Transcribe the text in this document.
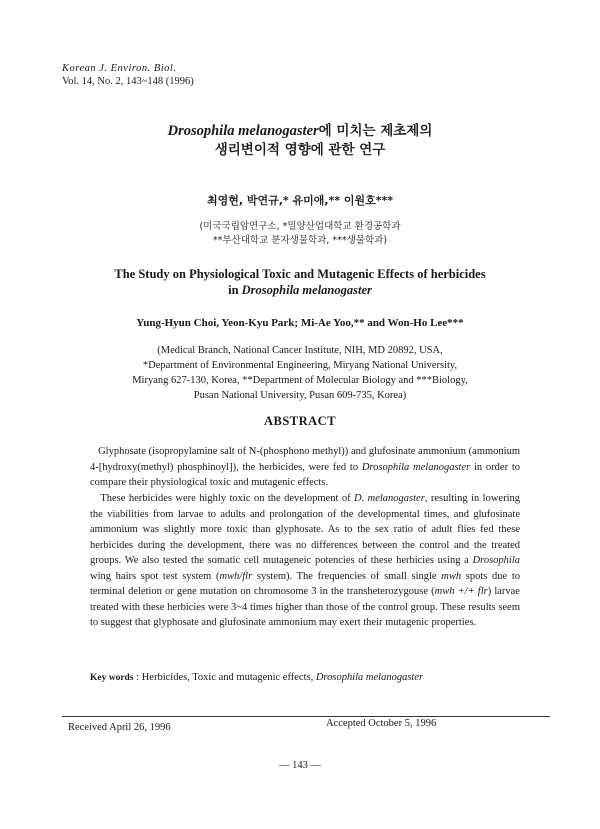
Korean J. Environ. Biol.
Vol. 14, No. 2, 143~148 (1996)
Drosophila melanogaster에 미치는 제초제의
생리변이적 영향에 관한 연구
최영현, 박연규,* 유미애,** 이원호***
(미국국립암연구소, *밀양산업대학교 환경공학과
**부산대학교 분자생물학과, ***생물학과)
The Study on Physiological Toxic and Mutagenic Effects of herbicides
in Drosophila melanogaster
Yung-Hyun Choi, Yeon-Kyu Park; Mi-Ae Yoo,** and Won-Ho Lee***
(Medical Branch, National Cancer Institute, NIH, MD 20892, USA,
*Department of Environmental Engineering, Miryang National University,
Miryang 627-130, Korea, **Department of Molecular Biology and ***Biology,
Pusan National University, Pusan 609-735, Korea)
ABSTRACT

Glyphosate (isopropylamine salt of N-(phosphono methyl)) and glufosinate ammonium (ammonium 4-[hydroxy(methyl) phosphinoyl]), the herbicides, were fed to Drosophila melanogaster in order to compare their physiological toxic and mutagenic effects.

These herbicides were highly toxic on the development of D. melanogaster, resulting in lowering the viabilities from larvae to adults and prolongation of the developmental times, and glufosinate ammonium was slightly more toxic than glyphosate. As to the sex ratio of adult flies fed these herbicides during the development, there was no differences between the control and the treated groups. We also tested the somatic cell mutageneic potencies of these herbicies using a Drosophila wing hairs spot test system (mwh/flr system). The frequencies of small single mwh spots due to terminal deletion or gene mutation on chromosome 3 in the transheterozygouse (mwh +/+ flr) larvae treated with these herbicies were 3~4 times higher than those of the control group. These results seem to suggest that glyphosate and glufosinate ammonium may exert their mutagenic properties.

Key words : Herbicides, Toxic and mutagenic effects, Drosophila melanogaster
Received April 26, 1996	Accepted October 5, 1996
— 143 —
